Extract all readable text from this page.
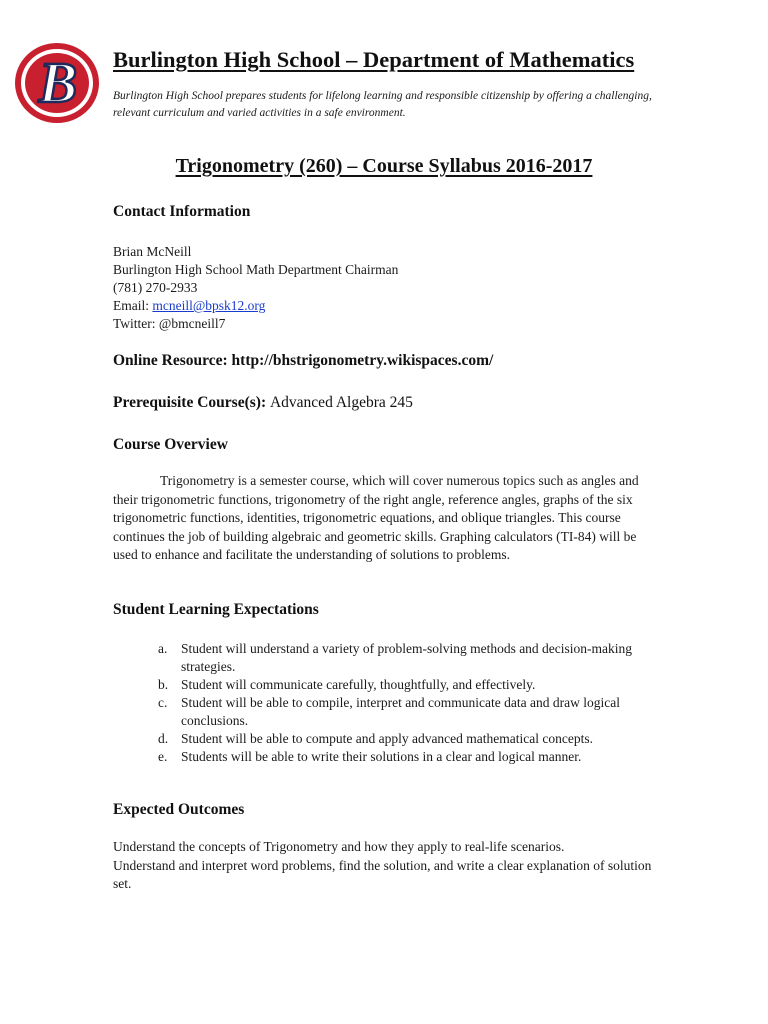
B Burlington High School – Department of Mathematics

Burlington High School prepares students for lifelong learning and responsible citizenship by offering a challenging, relevant curriculum and varied activities in a safe environment.

Trigonometry (260) – Course Syllabus 2016-2017
Contact Information
Brian McNeill
Burlington High School Math Department Chairman
(781) 270-2933
Email: mcneill@bpsk12.org
Twitter: @bmcneill7
Online Resource: http://bhstrigonometry.wikispaces.com/
Prerequisite Course(s): Advanced Algebra 245
Course Overview

Trigonometry is a semester course, which will cover numerous topics such as angles and their trigonometric functions, trigonometry of the right angle, reference angles, graphs of the six trigonometric functions, identities, trigonometric equations, and oblique triangles. This course continues the job of building algebraic and geometric skills. Graphing calculators (TI-84) will be used to enhance and facilitate the understanding of solutions to problems.

Student Learning Expectations
a. Student will understand a variety of problem-solving methods and decision-making strategies.
b. Student will communicate carefully, thoughtfully, and effectively.
c. Student will be able to compile, interpret and communicate data and draw logical conclusions.
d. Student will be able to compute and apply advanced mathematical concepts.
e. Students will be able to write their solutions in a clear and logical manner.
Expected Outcomes

Understand the concepts of Trigonometry and how they apply to real-life scenarios.
Understand and interpret word problems, find the solution, and write a clear explanation of solution set.
